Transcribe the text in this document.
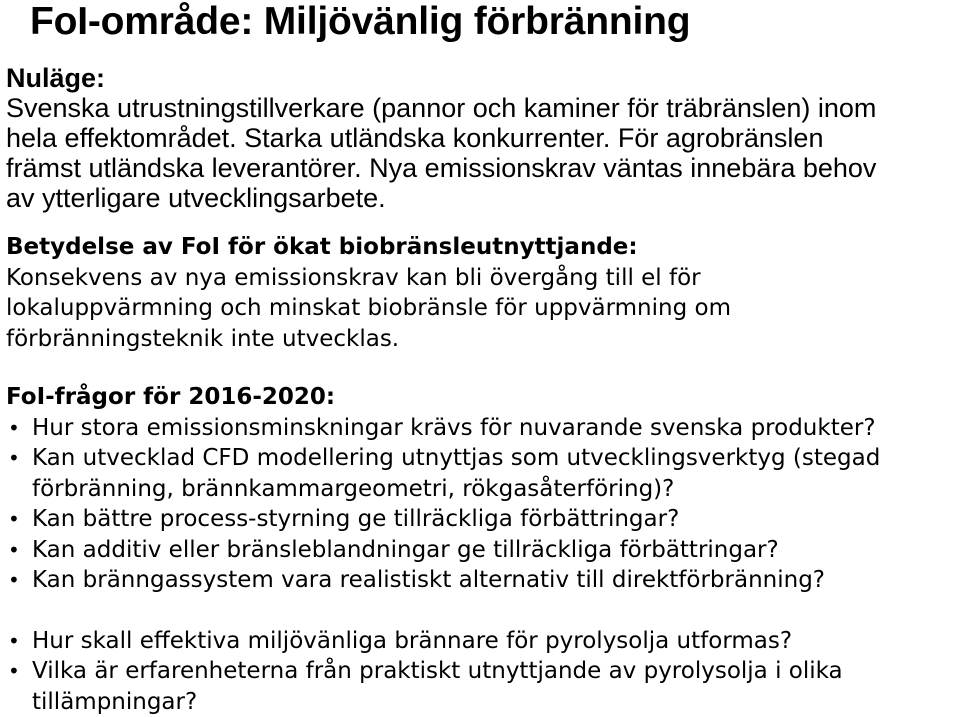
FoI-område: Miljövänlig förbränning
Nuläge:
Svenska utrustningstillverkare (pannor och kaminer för träbränslen) inom
hela effektområdet. Starka utländska konkurrenter. För agrobränslen
främst utländska leverantörer. Nya emissionskrav väntas innebära behov
av ytterligare utvecklingsarbete.
Betydelse av FoI för ökat biobränsleutnyttjande:
Konsekvens av nya emissionskrav kan bli övergång till el för
lokaluppvärmning och minskat biobränsle för uppvärmning om
förbränningsteknik inte utvecklas.
FoI-frågor för 2016-2020:
• Hur stora emissionsminskningar krävs för nuvarande svenska produkter?
• Kan utvecklad CFD modellering utnyttjas som utvecklingsverktyg (stegad
förbränning, brännkammargeometri, rökgasåterföring)?
• Kan bättre process-styrning ge tillräckliga förbättringar?
• Kan additiv eller bränsleblandningar ge tillräckliga förbättringar?
• Kan bränngassystem vara realistiskt alternativ till direktförbränning?
• Hur skall effektiva miljövänliga brännare för pyrolysolja utformas?
• Vilka är erfarenheterna från praktiskt utnyttjande av pyrolysolja i olika
tillämpningar?
